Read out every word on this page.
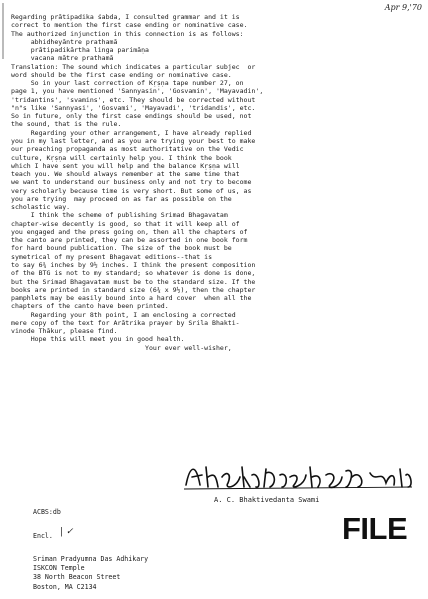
Apr 9,'70
Regarding prātipadika śabda, I consulted grammar and it is
correct to mention the first case ending or nominative case.
The authorized injunction in this connection is as follows:
abhidheyāntre prathamā
prātipadikārtha linga parimāṇa
vacana mātre prathamā
Translation: The sound which indicates a particular subjec  or
word should be the first case ending or nominative case.
So in your last correction of Kṛṣṇa tape number 27, on
page 1, you have mentioned 'Sannyasin', 'Gosvamin', 'Mayavadin',
'tridantins', 'svamins', etc. They should be corrected without
"n"s like 'Sannyasi', 'Gosvami', 'Mayavadi', 'tridandis', etc.
So in future, only the first case endings should be used, not
the sound, that is the rule.
Regarding your other arrangement, I have already replied
you in my last letter, and as you are trying your best to make
our preaching propaganda as most authoritative on the Vedic
culture, Kṛṣṇa will certainly help you. I think the book
which I have sent you will help and the balance Kṛṣṇa will
teach you. We should always remember at the same time that
we want to understand our business only and not try to become
very scholarly because time is very short. But some of us, as
you are trying  may proceed on as far as possible on the
scholastic way.
I think the scheme of publishing Srimad Bhagavatam
chapter-wise decently is good, so that it will keep all of
you engaged and the press going on, then all the chapters of
the canto are printed, they can be assorted in one book form
for hard bound publication. The size of the book must be
symetrical of my present Bhagavat editions--that is
to say 6¾ inches by 9½ inches. I think the present composition
of the BTG is not to my standard; so whatever is done is done,
but the Srimad Bhagavatam must be to the standard size. If the
books are printed in standard size (6¾ x 9½), then the chapter
pamphlets may be easily bound into a hard cover  when all the
chapters of the canto have been printed.
Regarding your 8th point, I am enclosing a corrected
mere copy of the text for Arātrika prayer by Srila Bhakti-
vinode Thākur, please find.
Hope this will meet you in good health.
Your ever well-wisher,
A. C. Bhaktivedanta Swami
ACBS:db
Encl. | ✓
Sriman Pradyumna Das Adhikary
ISKCON Temple
38 North Beacon Street
Boston, MA C2134
FILE
